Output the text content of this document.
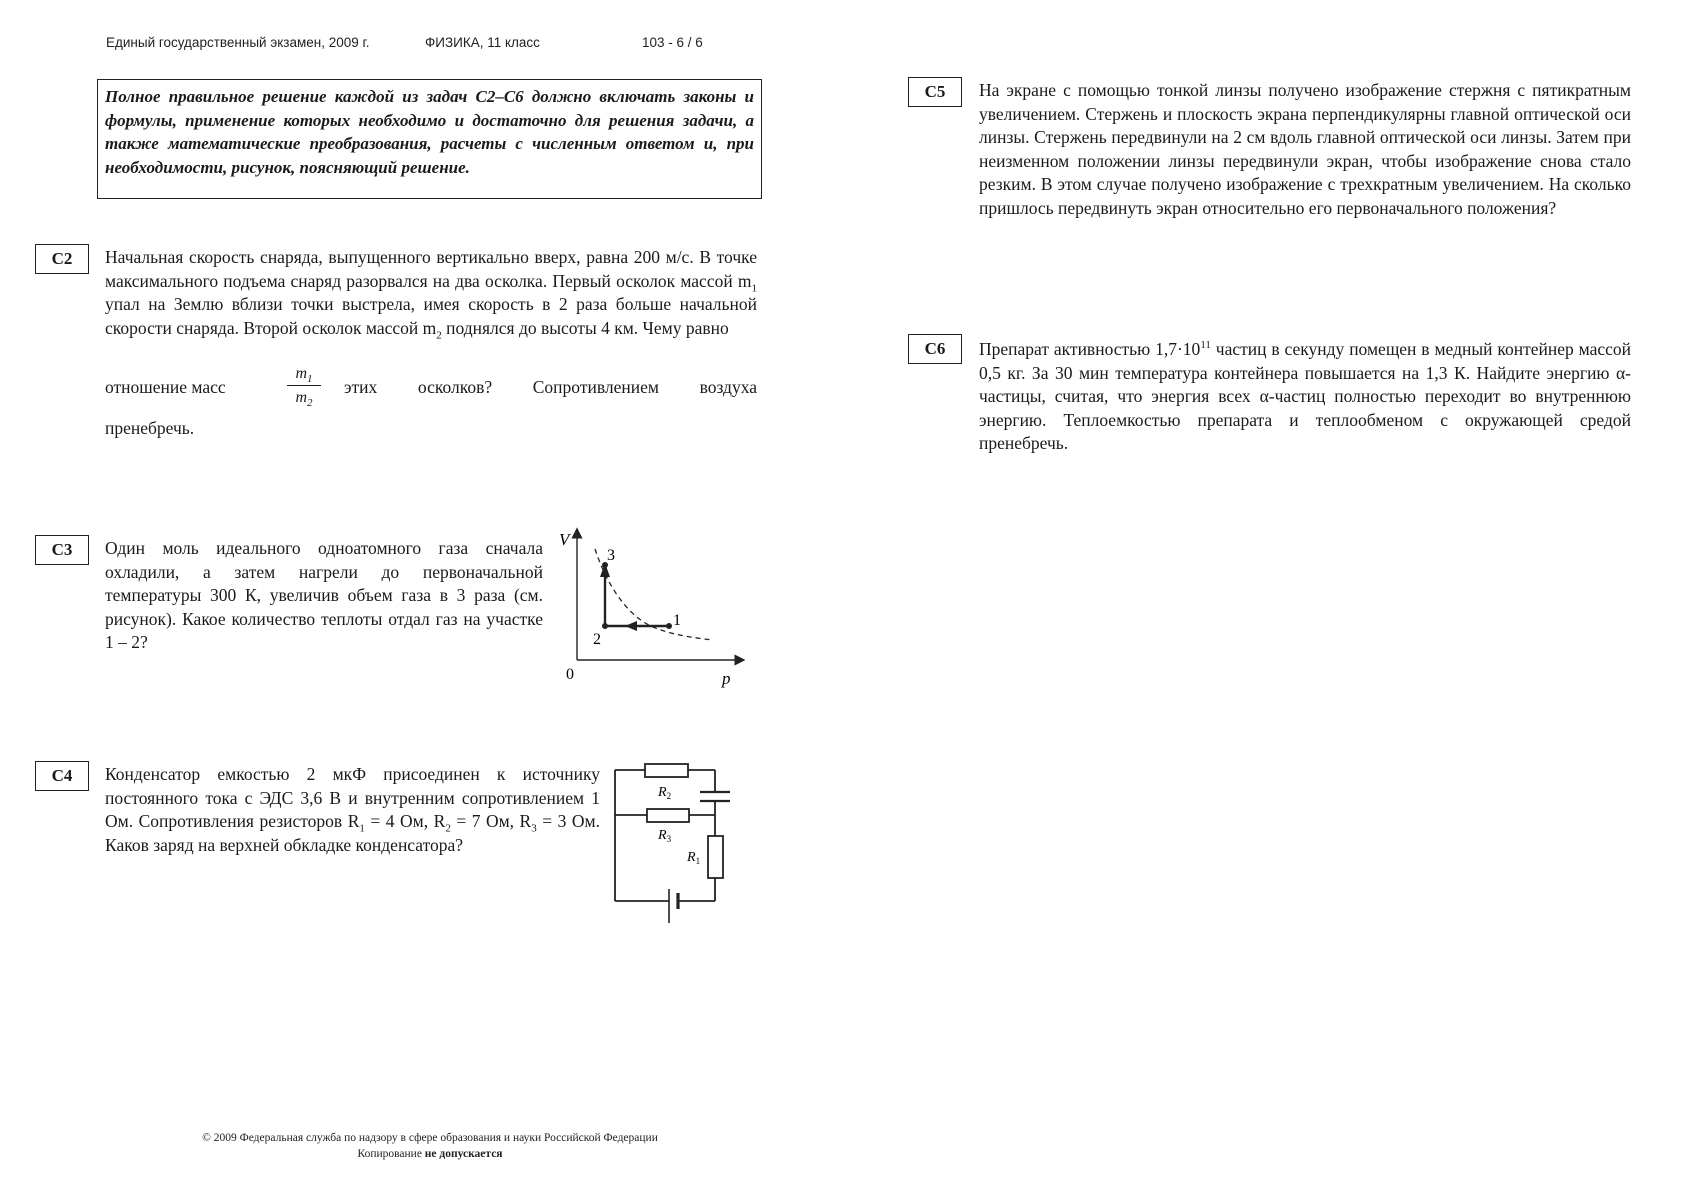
Единый государственный экзамен, 2009 г.	ФИЗИКА, 11 класс	103 - 6 / 6
Полное правильное решение каждой из задач С2–С6 должно включать законы и формулы, применение которых необходимо и достаточно для решения задачи, а также математические преобразования, расчеты с численным ответом и, при необходимости, рисунок, поясняющий решение.
C2	Начальная скорость снаряда, выпущенного вертикально вверх, равна 200 м/с. В точке максимального подъема снаряд разорвался на два осколка. Первый осколок массой $m_1$ упал на Землю вблизи точки выстрела, имея скорость в 2 раза больше начальной скорости снаряда. Второй осколок массой $m_2$ поднялся до высоты 4 км. Чему равно
отношение масс	$\frac{m_1}{m_2}$ этих осколков? Сопротивлением воздуха
пренебречь.
C3	Один моль идеального одноатомного газа сначала охладили, а затем нагрели до первоначальной температуры 300 К, увеличив объем газа в 3 раза (см. рисунок). Какое количество теплоты отдал газ на участке 1 – 2?
V
p
0
3
2
1
C4	Конденсатор емкостью 2 мкФ присоединен к источнику постоянного тока с ЭДС 3,6 В и внутренним сопротивлением 1 Ом. Сопротивления резисторов $R_1 = 4$ Ом, $R_2 = 7$ Ом, $R_3 = 3$ Ом. Каков заряд на верхней обкладке конденсатора?
$R_2$
$R_3$
$R_1$
C5	На экране с помощью тонкой линзы получено изображение стержня с пятикратным увеличением. Стержень и плоскость экрана перпендикулярны главной оптической оси линзы. Стержень передвинули на 2 см вдоль главной оптической оси линзы. Затем при неизменном положении линзы передвинули экран, чтобы изображение снова стало резким. В этом случае получено изображение с трехкратным увеличением. На сколько пришлось передвинуть экран относительно его первоначального положения?
C6	Препарат активностью $1,7\cdot 10^{11}$ частиц в секунду помещен в медный контейнер массой 0,5 кг. За 30 мин температура контейнера повышается на 1,3 К. Найдите энергию α-частицы, считая, что энергия всех α-частиц полностью переходит во внутреннюю энергию. Теплоемкостью препарата и теплообменом с окружающей средой пренебречь.
© 2009 Федеральная служба по надзору в сфере образования и науки Российской Федерации
Копирование не допускается
